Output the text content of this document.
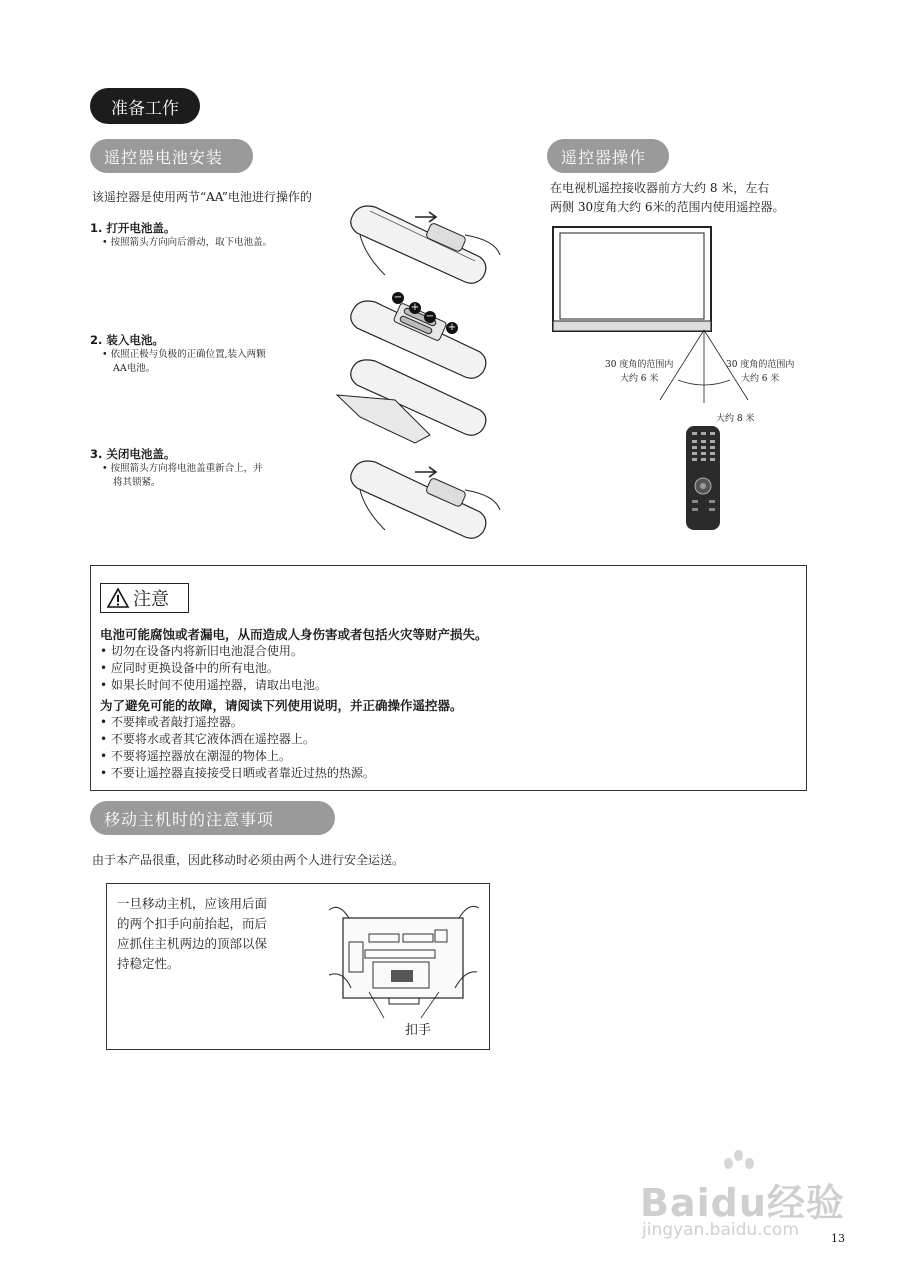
准备工作
遥控器电池安装
该遥控器是使用两节“AA”电池进行操作的
1. 打开电池盖。
• 按照箭头方向向后滑动，取下电池盖。
2. 装入电池。
• 依照正极与负极的正确位置,装入两颗
AA电池。
3. 关闭电池盖。
• 按照箭头方向将电池盖重新合上，并
将其锁紧。
−
+
−
+
遥控器操作
在电视机遥控接收器前方大约 8 米，左右
两侧 30度角大约 6米的范围内使用遥控器。
30 度角的范围内
大约 6 米
30 度角的范围内
大约 6 米
大约 8 米
注意
电池可能腐蚀或者漏电，从而造成人身伤害或者包括火灾等财产损失。
• 切勿在设备内将新旧电池混合使用。
• 应同时更换设备中的所有电池。
• 如果长时间不使用遥控器，请取出电池。
为了避免可能的故障，请阅读下列使用说明，并正确操作遥控器。
• 不要摔或者敲打遥控器。
• 不要将水或者其它液体洒在遥控器上。
• 不要将遥控器放在潮湿的物体上。
• 不要让遥控器直接接受日晒或者靠近过热的热源。
移动主机时的注意事项
由于本产品很重，因此移动时必须由两个人进行安全运送。
一旦移动主机，应该用后面
的两个扣手向前抬起，而后
应抓住主机两边的顶部以保
持稳定性。
扣手
Baidu经验
jingyan.baidu.com	13
